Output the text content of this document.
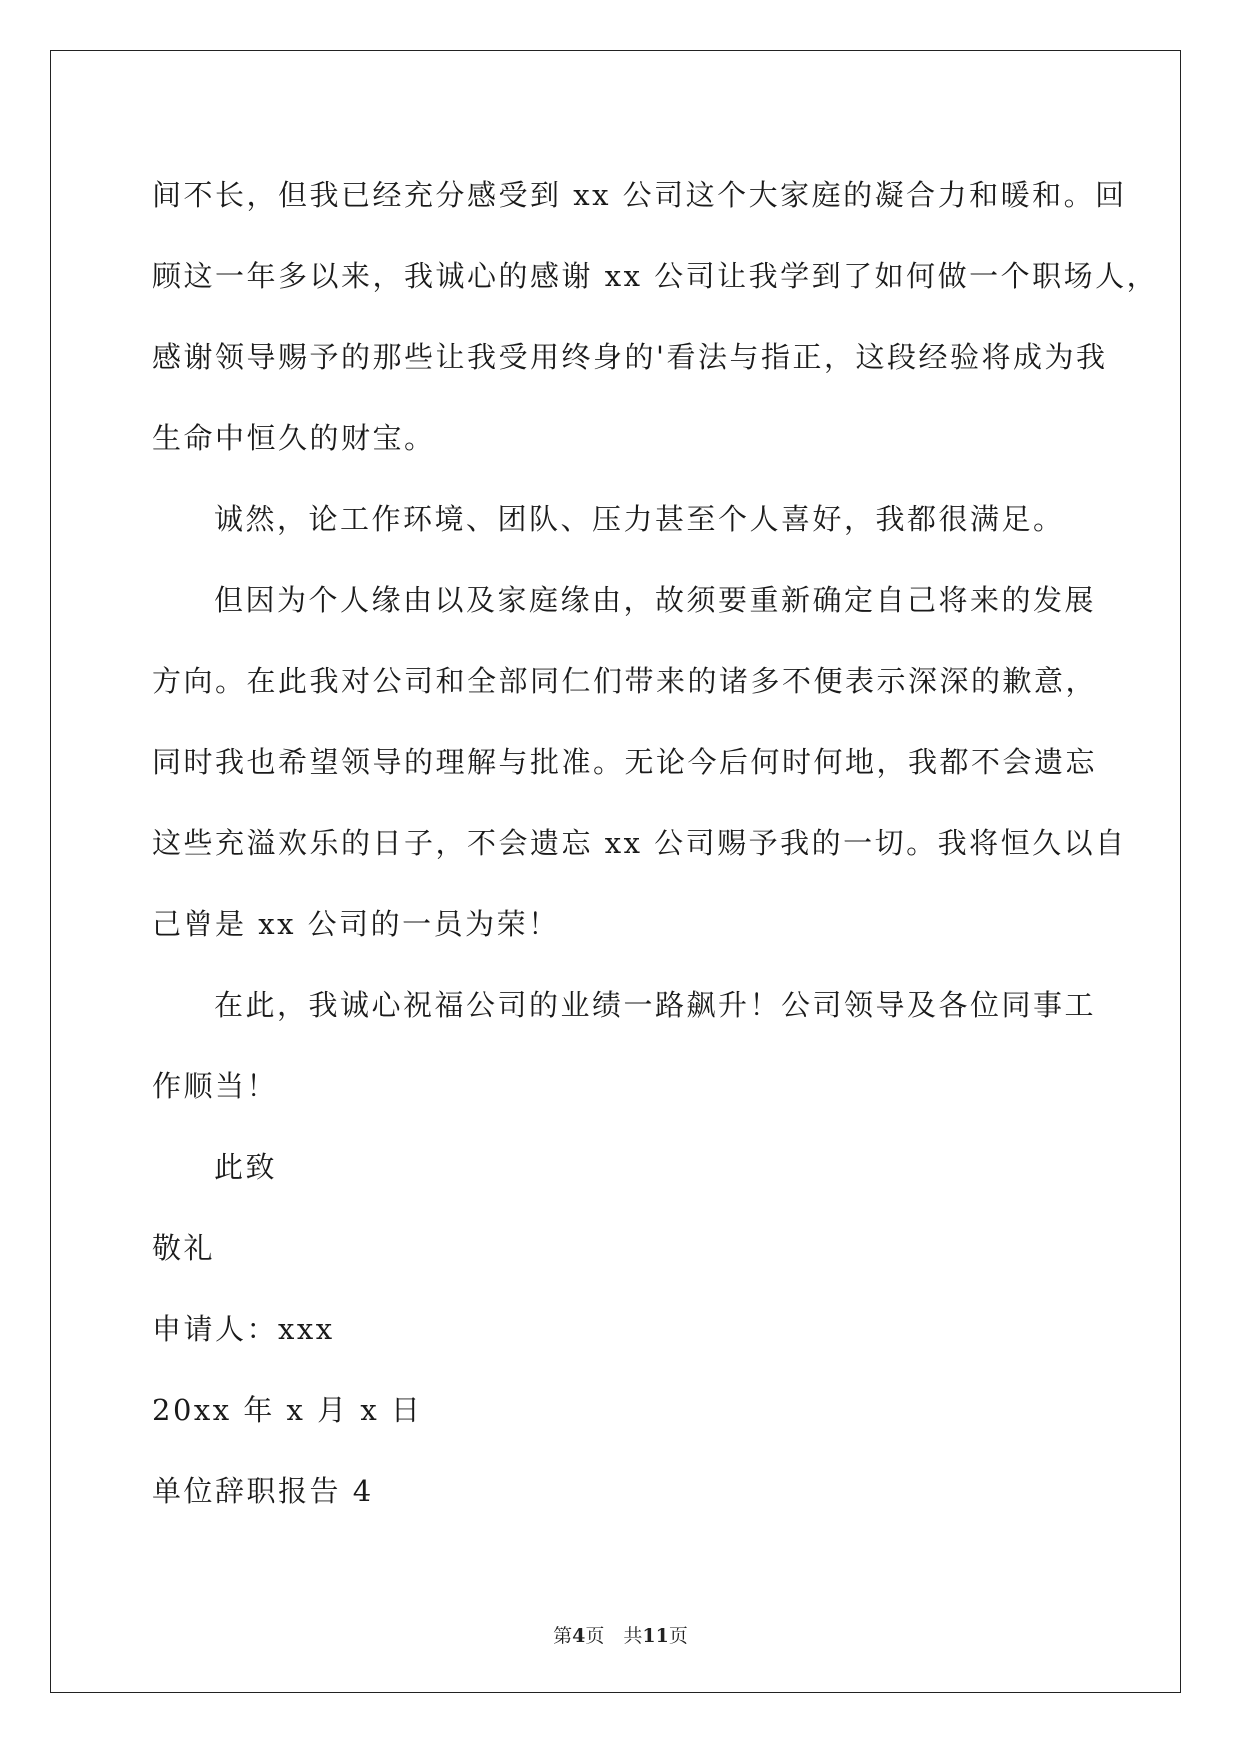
间不长，但我已经充分感受到 xx 公司这个大家庭的凝合力和暖和。回
顾这一年多以来，我诚心的感谢 xx 公司让我学到了如何做一个职场人，
感谢领导赐予的那些让我受用终身的'看法与指正，这段经验将成为我
生命中恒久的财宝。
诚然，论工作环境、团队、压力甚至个人喜好，我都很满足。
但因为个人缘由以及家庭缘由，故须要重新确定自己将来的发展
方向。在此我对公司和全部同仁们带来的诸多不便表示深深的歉意，
同时我也希望领导的理解与批准。无论今后何时何地，我都不会遗忘
这些充溢欢乐的日子，不会遗忘 xx 公司赐予我的一切。我将恒久以自
己曾是 xx 公司的一员为荣！
在此，我诚心祝福公司的业绩一路飙升！公司领导及各位同事工
作顺当！
此致
敬礼
申请人：xxx
20xx 年 x 月 x 日
单位辞职报告 4
第4页　共11页
